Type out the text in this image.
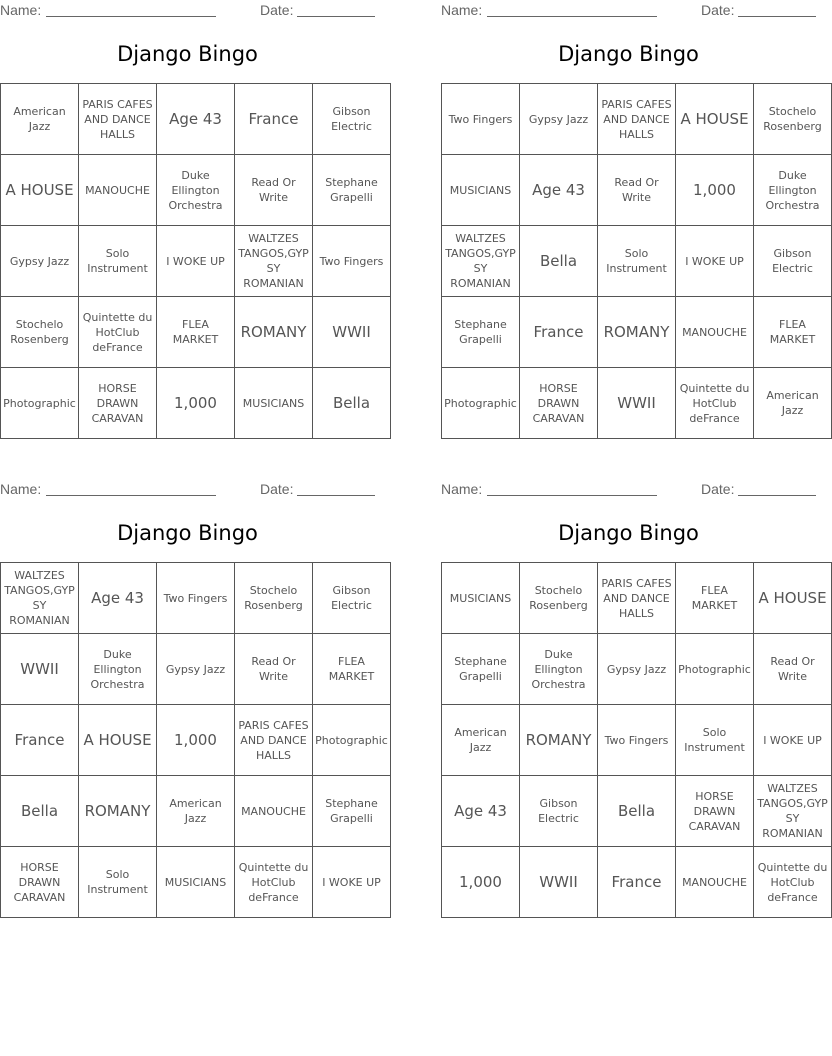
Name:	Date:
Django Bingo
American Jazz	PARIS CAFES AND DANCE HALLS	Age 43	France	Gibson Electric
A HOUSE	MANOUCHE	Duke Ellington Orchestra	Read Or Write	Stephane Grapelli
Gypsy Jazz	Solo Instrument	I WOKE UP	WALTZES TANGOS,GYPSY ROMANIAN	Two Fingers
Stochelo Rosenberg	Quintette du HotClub deFrance	FLEA MARKET	ROMANY	WWII
Photographic	HORSE DRAWN CARAVAN	1,000	MUSICIANS	Bella
Name:	Date:
Django Bingo
Two Fingers	Gypsy Jazz	PARIS CAFES AND DANCE HALLS	A HOUSE	Stochelo Rosenberg
MUSICIANS	Age 43	Read Or Write	1,000	Duke Ellington Orchestra
WALTZES TANGOS,GYPSY ROMANIAN	Bella	Solo Instrument	I WOKE UP	Gibson Electric
Stephane Grapelli	France	ROMANY	MANOUCHE	FLEA MARKET
Photographic	HORSE DRAWN CARAVAN	WWII	Quintette du HotClub deFrance	American Jazz
Name:	Date:
Django Bingo
WALTZES TANGOS,GYPSY ROMANIAN	Age 43	Two Fingers	Stochelo Rosenberg	Gibson Electric
WWII	Duke Ellington Orchestra	Gypsy Jazz	Read Or Write	FLEA MARKET
France	A HOUSE	1,000	PARIS CAFES AND DANCE HALLS	Photographic
Bella	ROMANY	American Jazz	MANOUCHE	Stephane Grapelli
HORSE DRAWN CARAVAN	Solo Instrument	MUSICIANS	Quintette du HotClub deFrance	I WOKE UP
Name:	Date:
Django Bingo
MUSICIANS	Stochelo Rosenberg	PARIS CAFES AND DANCE HALLS	FLEA MARKET	A HOUSE
Stephane Grapelli	Duke Ellington Orchestra	Gypsy Jazz	Photographic	Read Or Write
American Jazz	ROMANY	Two Fingers	Solo Instrument	I WOKE UP
Age 43	Gibson Electric	Bella	HORSE DRAWN CARAVAN	WALTZES TANGOS,GYPSY ROMANIAN
1,000	WWII	France	MANOUCHE	Quintette du HotClub deFrance
